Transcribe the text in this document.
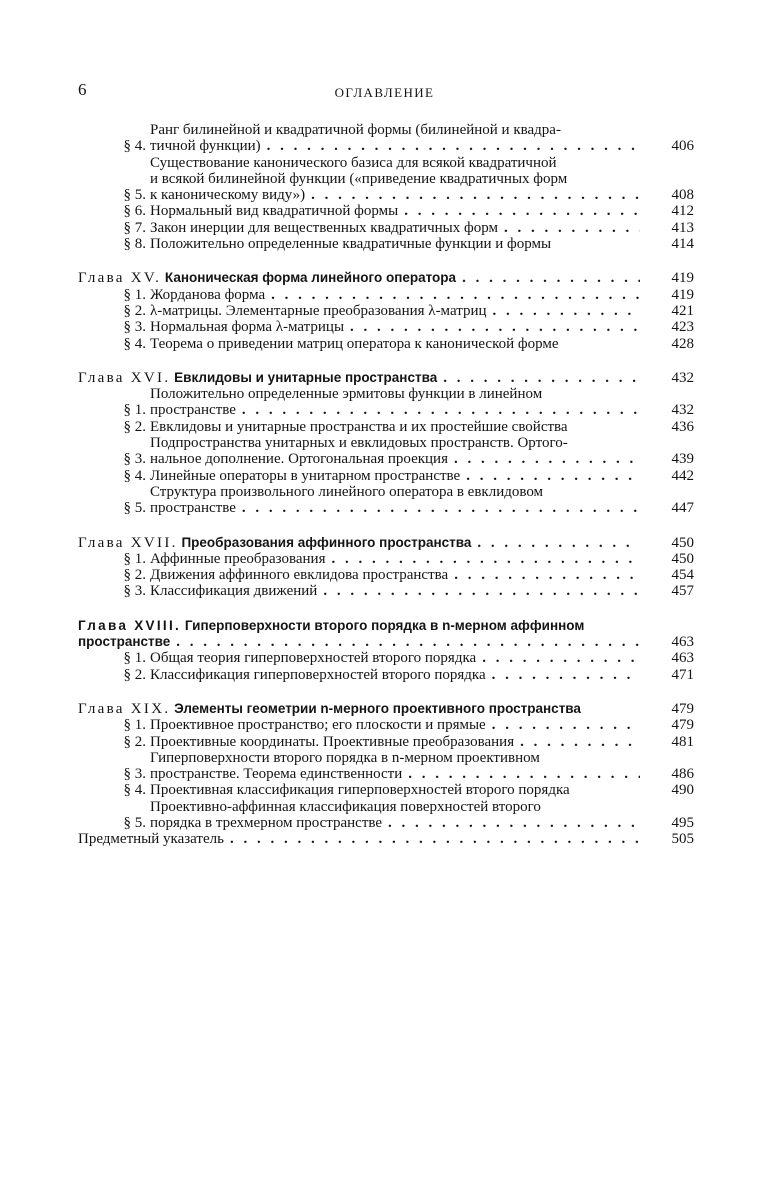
6	ОГЛАВЛЕНИЕ
§ 4.
Ранг билинейной и квадратичной формы (билинейной и квадра-
тичной функции) . . .	406
§ 5.
Существование канонического базиса для всякой квадратичной
и всякой билинейной функции («приведение квадратичных форм
к каноническому виду») . . .	408
§ 6. Нормальный вид квадратичной формы . . .	412
§ 7. Закон инерции для вещественных квадратичных форм . . .	413
§ 8. Положительно определенные квадратичные функции и формы	414
Глава XV.
Каноническая форма линейного оператора . . .	419
§ 1. Жорданова форма . . .	419
§ 2. λ-матрицы. Элементарные преобразования λ-матриц . . .	421
§ 3. Нормальная форма λ-матрицы . . .	423
§ 4. Теорема о приведении матриц оператора к канонической форме	428
Глава XVI.
Евклидовы и унитарные пространства . . .	432
§ 1.
Положительно определенные эрмитовы функции в линейном
пространстве . . .	432
§ 2. Евклидовы и унитарные пространства и их простейшие свойства	436
§ 3.
Подпространства унитарных и евклидовых пространств. Ортого-
нальное дополнение. Ортогональная проекция . . .	439
§ 4. Линейные операторы в унитарном пространстве . . .	442
§ 5.
Структура произвольного линейного оператора в евклидовом
пространстве . . .	447
Глава XVII.
Преобразования аффинного пространства . . .	450
§ 1. Аффинные преобразования . . .	450
§ 2. Движения аффинного евклидова пространства . . .	454
§ 3. Классификация движений . . .	457
Глава XVIII. Гиперповерхности второго порядка в n-мерном аффинном
пространстве . . .	463
§ 1. Общая теория гиперповерхностей второго порядка . . .	463
§ 2. Классификация гиперповерхностей второго порядка . . .	471
Глава XIX.
Элементы геометрии n-мерного проективного пространства	479
§ 1. Проективное пространство; его плоскости и прямые . . .	479
§ 2. Проективные координаты. Проективные преобразования . . .	481
§ 3.
Гиперповерхности второго порядка в n-мерном проективном
пространстве. Теорема единственности . . .	486
§ 4. Проективная классификация гиперповерхностей второго порядка	490
§ 5.
Проективно-аффинная классификация поверхностей второго
порядка в трехмерном пространстве . . .	495
Предметный указатель . . .	505
